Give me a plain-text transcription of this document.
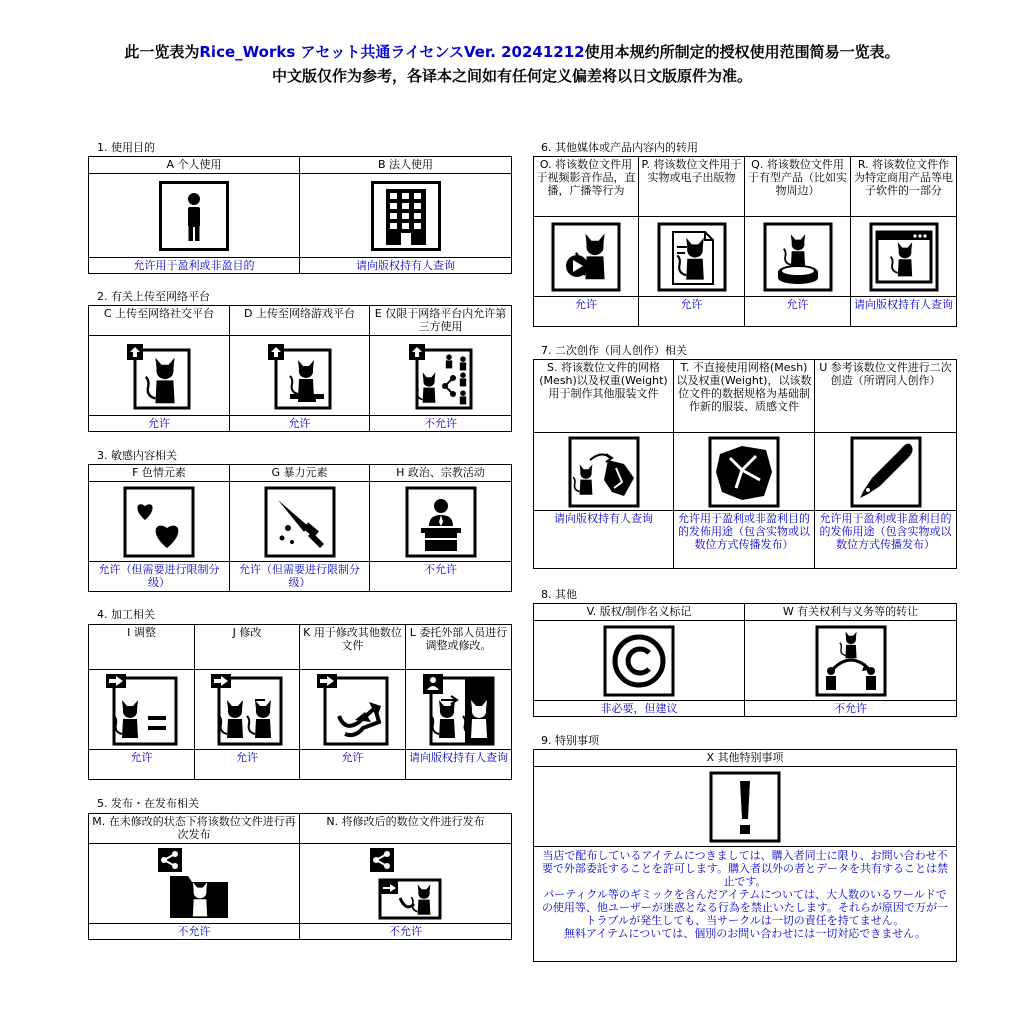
此一览表为Rice_Works アセット共通ライセンスVer. 20241212使用本规约所制定的授权使用范围简易一览表。
中文版仅作为参考，各译本之间如有任何定义偏差将以日文版原件为准。
1. 使用目的
A 个人使用	B 法人使用

允许用于盈利或非盈目的	请向版权持有人查询
2. 有关上传至网络平台
C 上传至网络社交平台	D 上传至网络游戏平台	E 仅限于网络平台内允许第三方使用

允许	允许	不允许
3. 敏感内容相关
F 色情元素	G 暴力元素	H 政治、宗教活动

允许（但需要进行限制分级）	允许（但需要进行限制分级）	不允许
4. 加工相关
I 调整	J 修改	K 用于修改其他数位文件	L 委托外部人员进行调整或修改。

允许	允许	允许	请向版权持有人查询
5. 发布・在发布相关
M. 在未修改的状态下将该数位文件进行再次发布	N. 将修改后的数位文件进行发布

不允许	不允许
6. 其他媒体或产品内容内的转用
O. 将该数位文件用于视频影音作品，直播，广播等行为	P. 将该数位文件用于实物或电子出版物	Q. 将该数位文件用于有型产品（比如实物周边）	R. 将该数位文件作为特定商用产品等电子软件的一部分

允许	允许	允许	请向版权持有人查询
7. 二次创作（同人创作）相关
S. 将该数位文件的网格(Mesh)以及权重(Weight)用于制作其他服装文件	T. 不直接使用网格(Mesh)以及权重(Weight)，以该数位文件的数据规格为基础制作新的服装、质感文件	U 参考该数位文件进行二次创造（所谓同人创作）

请向版权持有人查询	允许用于盈利或非盈利目的的发佈用途（包含实物或以数位方式传播发布）	允许用于盈利或非盈利目的的发佈用途（包含实物或以数位方式传播发布）
8. 其他
V. 版权/制作名义标记	W 有关权利与义务等的转让

非必要，但建议	不允许
9. 特别事项
X 其他特别事项

当店で配布しているアイテムにつきましては、購入者同士に限り、お問い合わせ不要で外部委託することを許可します。購入者以外の者とデータを共有することは禁止です。

パーティクル等のギミックを含んだアイテムについては、大人数のいるワールドでの使用等、他ユーザーが迷惑となる行為を禁止いたします。それらが原因で万が一トラブルが発生しても、当サークルは一切の責任を持てません。

無料アイテムについては、個別のお問い合わせには一切対応できません。
